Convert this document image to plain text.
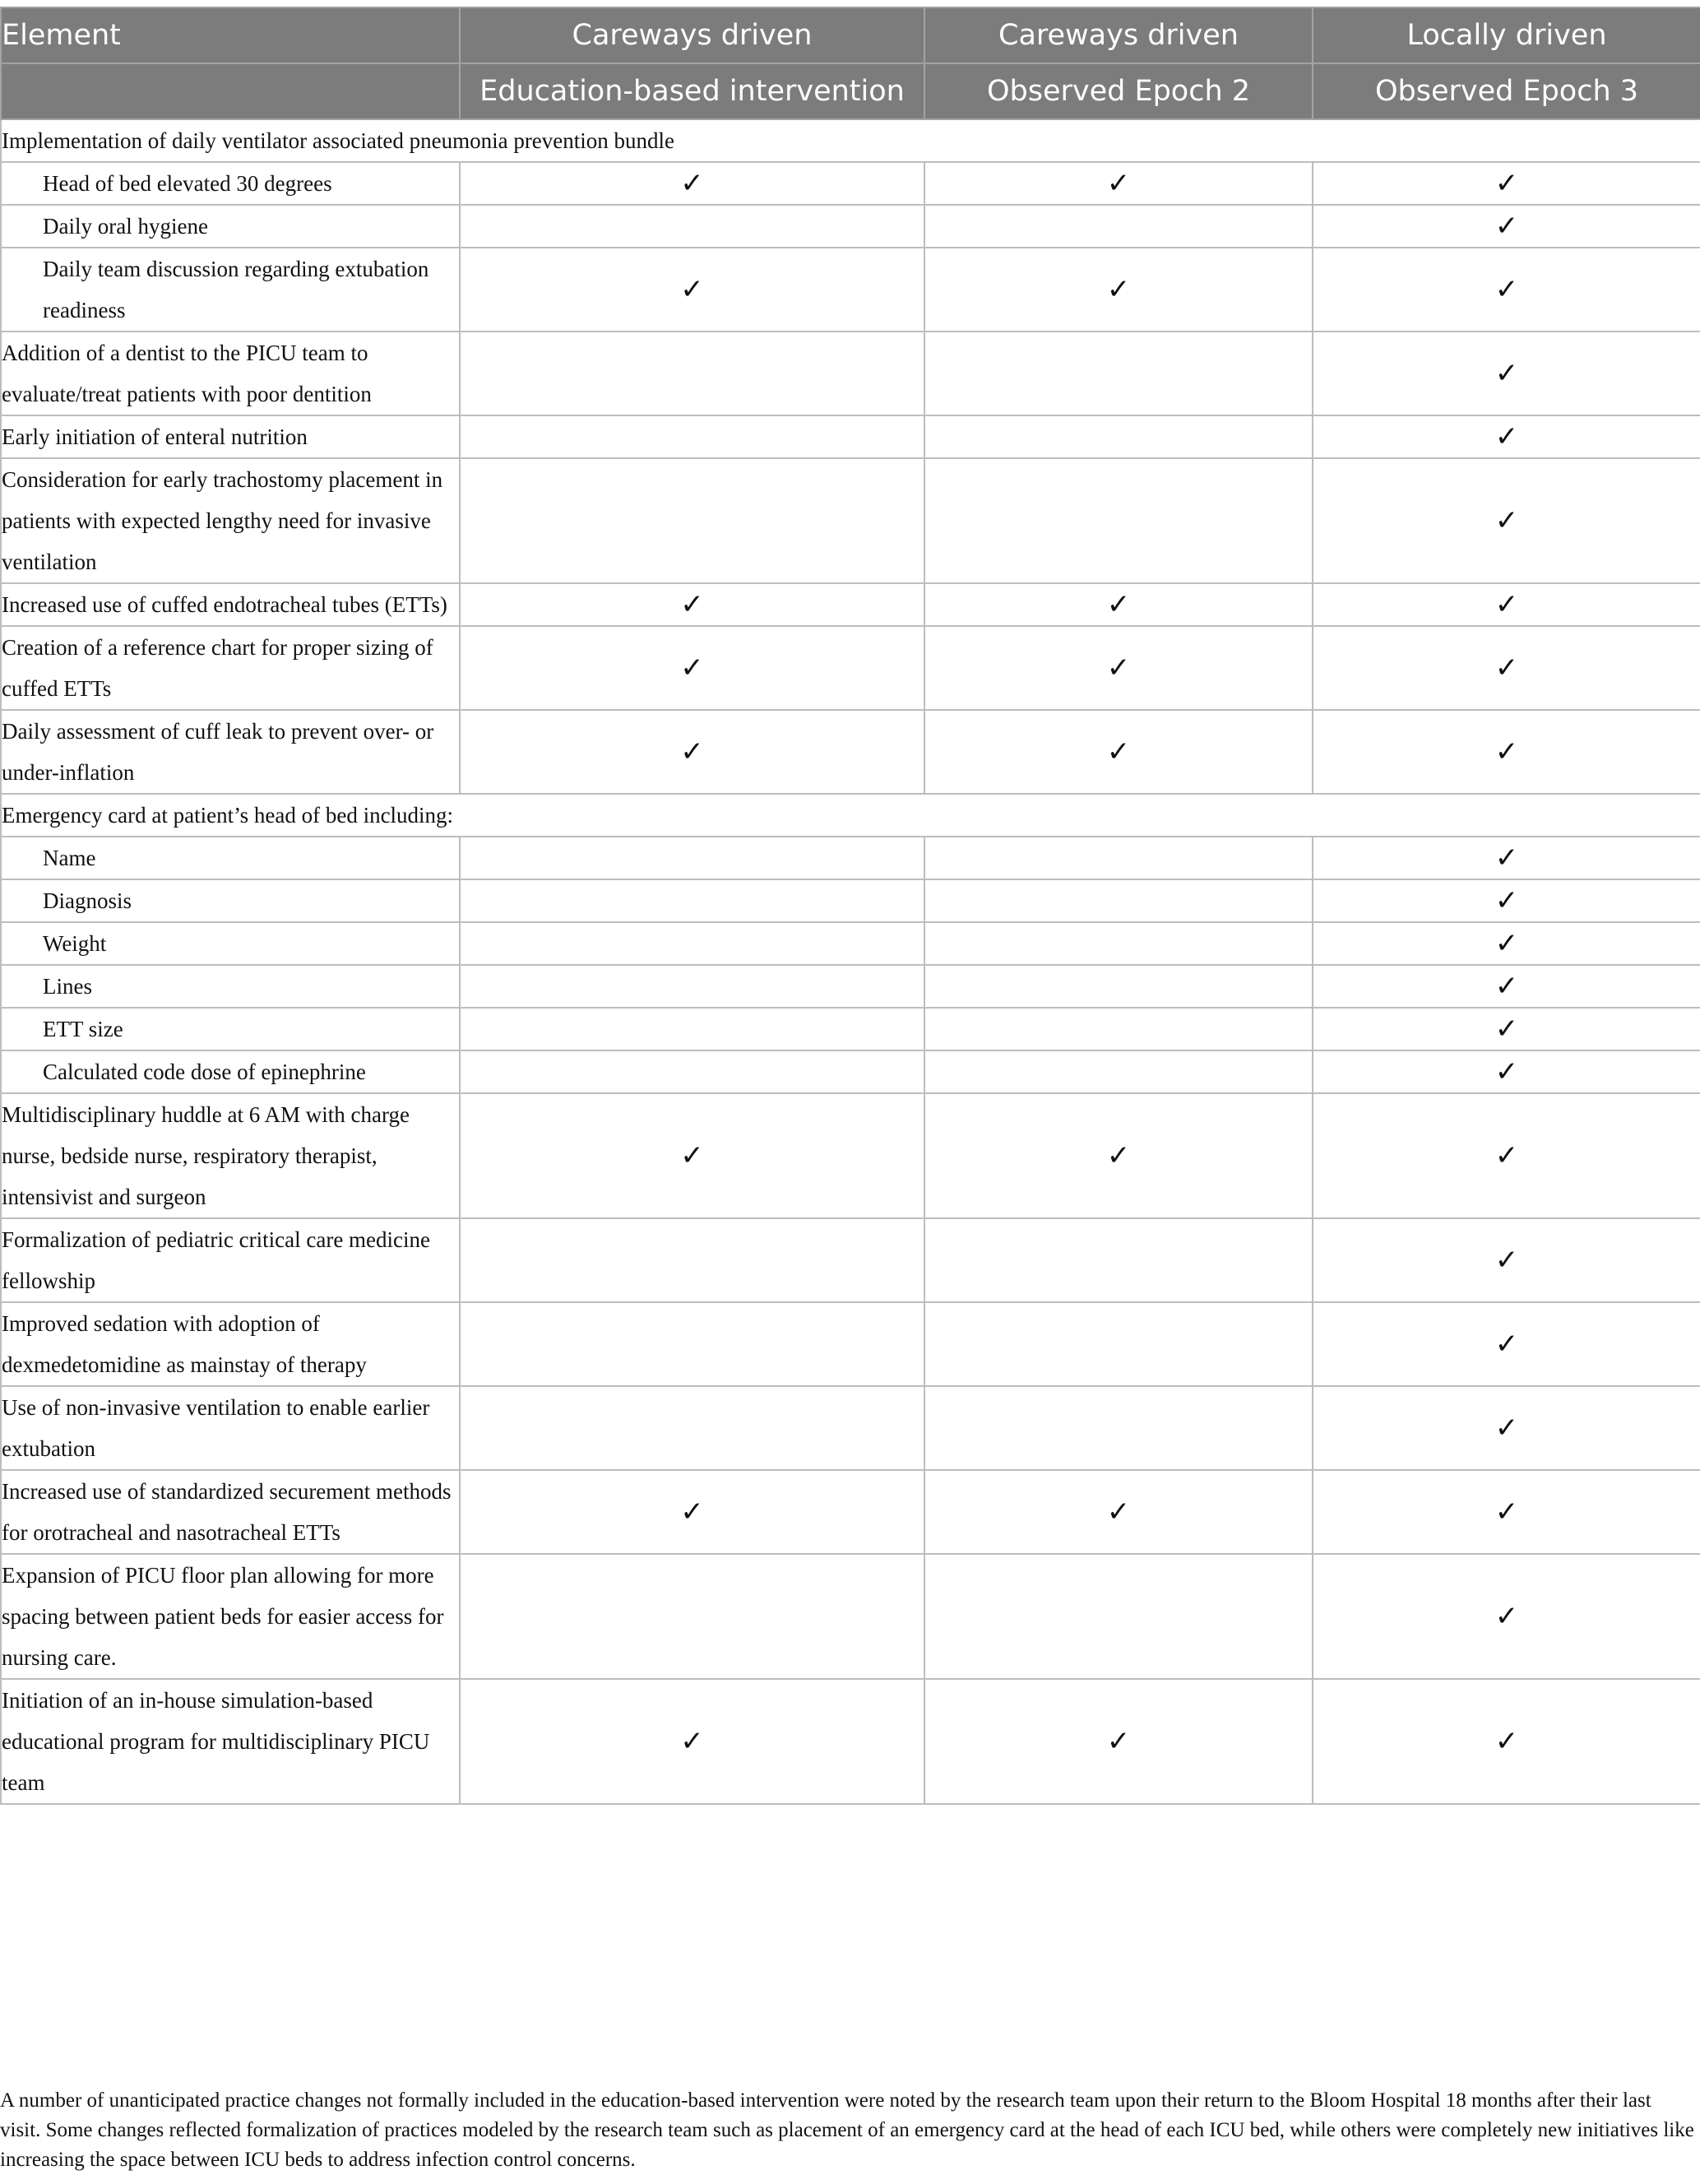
Element	Careways driven	Careways driven	Locally driven
	Education-based intervention	Observed Epoch 2	Observed Epoch 3
Implementation of daily ventilator associated pneumonia prevention bundle			
Head of bed elevated 30 degrees	✓	✓	✓
Daily oral hygiene			✓
Daily team discussion regarding extubation readiness	✓	✓	✓
Addition of a dentist to the PICU team to evaluate/treat patients with poor dentition			✓
Early initiation of enteral nutrition			✓
Consideration for early trachostomy placement in patients with expected lengthy need for invasive ventilation			✓
Increased use of cuffed endotracheal tubes (ETTs)	✓	✓	✓
Creation of a reference chart for proper sizing of cuffed ETTs	✓	✓	✓
Daily assessment of cuff leak to prevent over- or under-inflation	✓	✓	✓
Emergency card at patient’s head of bed including:			
Name			✓
Diagnosis			✓
Weight			✓
Lines			✓
ETT size			✓
Calculated code dose of epinephrine			✓
Multidisciplinary huddle at 6 AM with charge nurse, bedside nurse, respiratory therapist, intensivist and surgeon	✓	✓	✓
Formalization of pediatric critical care medicine fellowship			✓
Improved sedation with adoption of dexmedetomidine as mainstay of therapy			✓
Use of non-invasive ventilation to enable earlier extubation			✓
Increased use of standardized securement methods for orotracheal and nasotracheal ETTs	✓	✓	✓
Expansion of PICU floor plan allowing for more spacing between patient beds for easier access for nursing care.			✓
Initiation of an in-house simulation-based educational program for multidisciplinary PICU team	✓	✓	✓

A number of unanticipated practice changes not formally included in the education-based intervention were noted by the research team upon their return to the Bloom Hospital 18 months after their last visit. Some changes reflected formalization of practices modeled by the research team such as placement of an emergency card at the head of each ICU bed, while others were completely new initiatives like increasing the space between ICU beds to address infection control concerns.
